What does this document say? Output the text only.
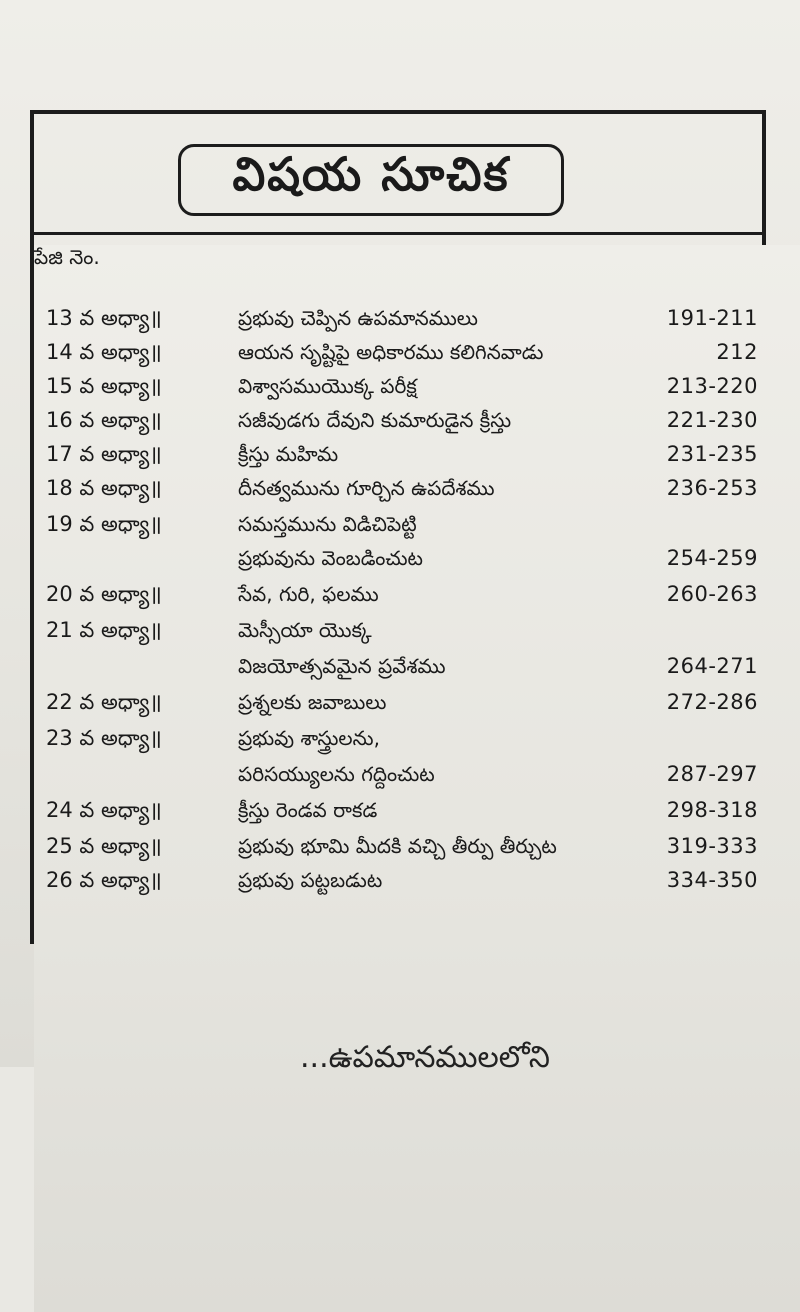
విషయ సూచిక
పేజి నెం.
13 వ అధ్యా॥	ప్రభువు చెప్పిన ఉపమానములు	191-211
14 వ అధ్యా॥	ఆయన సృష్టిపై అధికారము కలిగినవాడు	212
15 వ అధ్యా॥	విశ్వాసముయొక్క పరీక్ష	213-220
16 వ అధ్యా॥	సజీవుడగు దేవుని కుమారుడైన క్రీస్తు	221-230
17 వ అధ్యా॥	క్రీస్తు మహిమ	231-235
18 వ అధ్యా॥	దీనత్వమును గూర్చిన ఉపదేశము	236-253
19 వ అధ్యా॥	సమస్తమును విడిచిపెట్టి
ప్రభువును వెంబడించుట	254-259
20 వ అధ్యా॥	సేవ, గురి, ఫలము	260-263
21 వ అధ్యా॥	మెస్సీయా యొక్క
విజయోత్సవమైన ప్రవేశము	264-271
22 వ అధ్యా॥	ప్రశ్నలకు జవాబులు	272-286
23 వ అధ్యా॥	ప్రభువు శాస్త్రులను,
పరిసయ్యులను గద్దించుట	287-297
24 వ అధ్యా॥	క్రీస్తు రెండవ రాకడ	298-318
25 వ అధ్యా॥	ప్రభువు భూమి మీదకి వచ్చి తీర్పు తీర్చుట	319-333
26 వ అధ్యా॥	ప్రభువు పట్టబడుట	334-350
...ఉపమానములలోని
